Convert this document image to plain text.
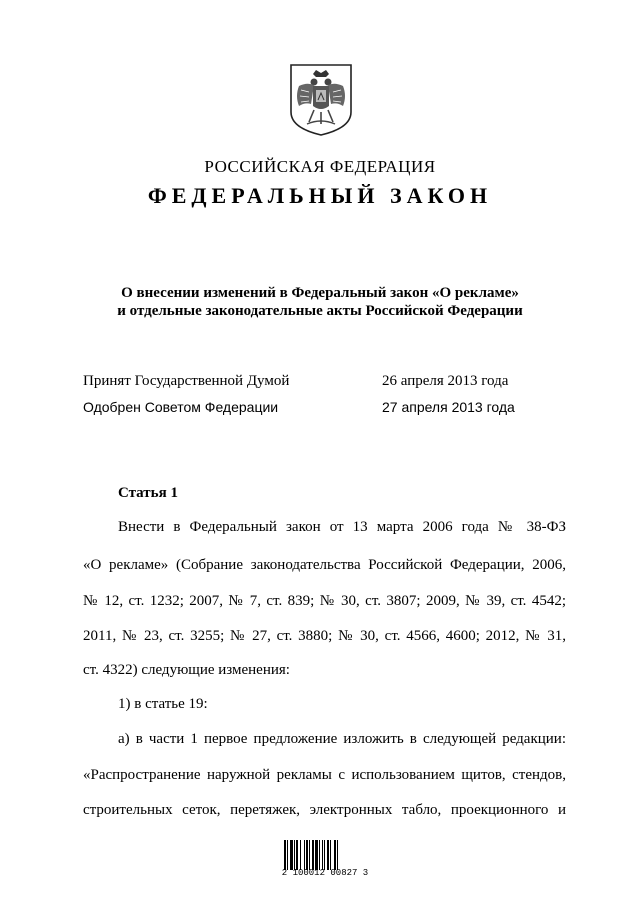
РОССИЙСКАЯ ФЕДЕРАЦИЯ
ФЕДЕРАЛЬНЫЙ ЗАКОН
О внесении изменений в Федеральный закон «О рекламе»
и отдельные законодательные акты Российской Федерации
Принят Государственной Думой	26 апреля 2013 года
Одобрен Советом Федерации	27 апреля 2013 года
Статья 1
Внести в Федеральный закон от 13 марта 2006 года № 38-ФЗ
«О рекламе» (Собрание законодательства Российской Федерации, 2006,
№ 12, ст. 1232; 2007, № 7, ст. 839; № 30, ст. 3807; 2009, № 39, ст. 4542;
2011, № 23, ст. 3255; № 27, ст. 3880; № 30, ст. 4566, 4600; 2012, № 31,
ст. 4322) следующие изменения:
1) в статье 19:
а) в части 1 первое предложение изложить в следующей редакции:
«Распространение наружной рекламы с использованием щитов, стендов,
строительных сеток, перетяжек, электронных табло, проекционного и
2 100012 00827 3
